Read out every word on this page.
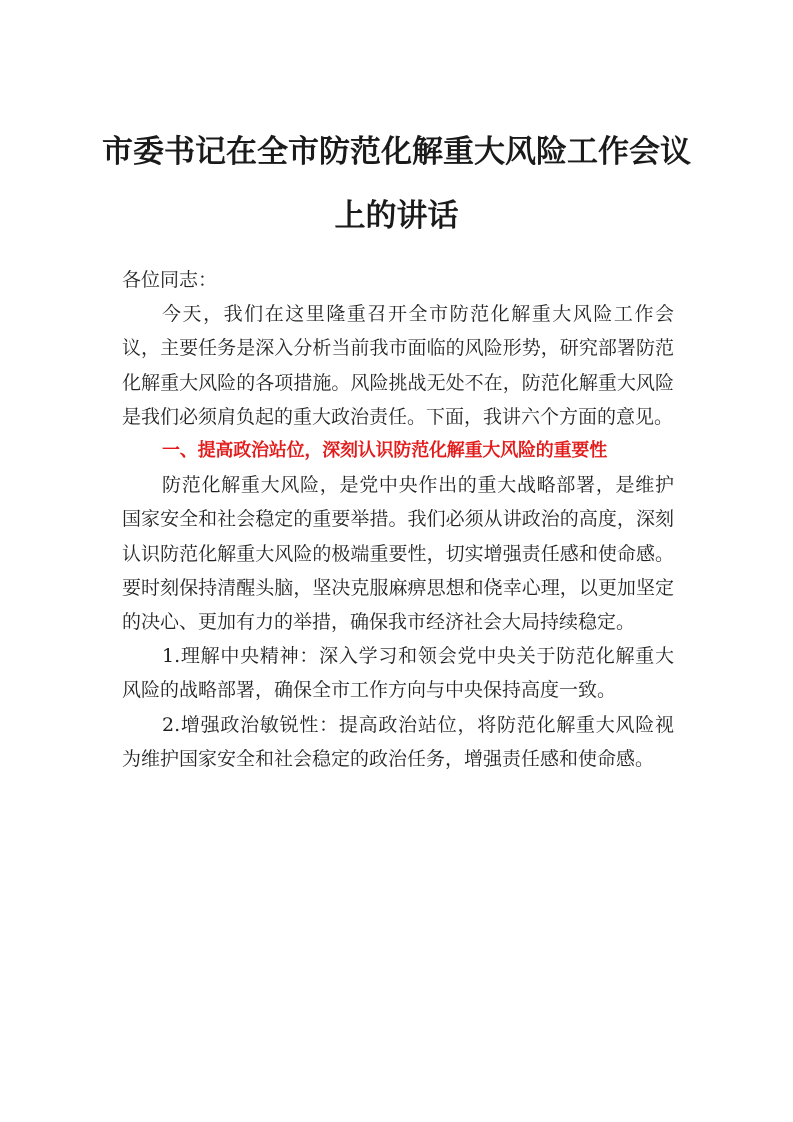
市委书记在全市防范化解重大风险工作会议
上的讲话

各位同志：

今天，我们在这里隆重召开全市防范化解重大风险工作会议，主要任务是深入分析当前我市面临的风险形势，研究部署防范化解重大风险的各项措施。风险挑战无处不在，防范化解重大风险是我们必须肩负起的重大政治责任。下面，我讲六个方面的意见。

一、提高政治站位，深刻认识防范化解重大风险的重要性

防范化解重大风险，是党中央作出的重大战略部署，是维护国家安全和社会稳定的重要举措。我们必须从讲政治的高度，深刻认识防范化解重大风险的极端重要性，切实增强责任感和使命感。要时刻保持清醒头脑，坚决克服麻痹思想和侥幸心理，以更加坚定的决心、更加有力的举措，确保我市经济社会大局持续稳定。

1.理解中央精神：深入学习和领会党中央关于防范化解重大风险的战略部署，确保全市工作方向与中央保持高度一致。

2.增强政治敏锐性：提高政治站位，将防范化解重大风险视为维护国家安全和社会稳定的政治任务，增强责任感和使命感。
